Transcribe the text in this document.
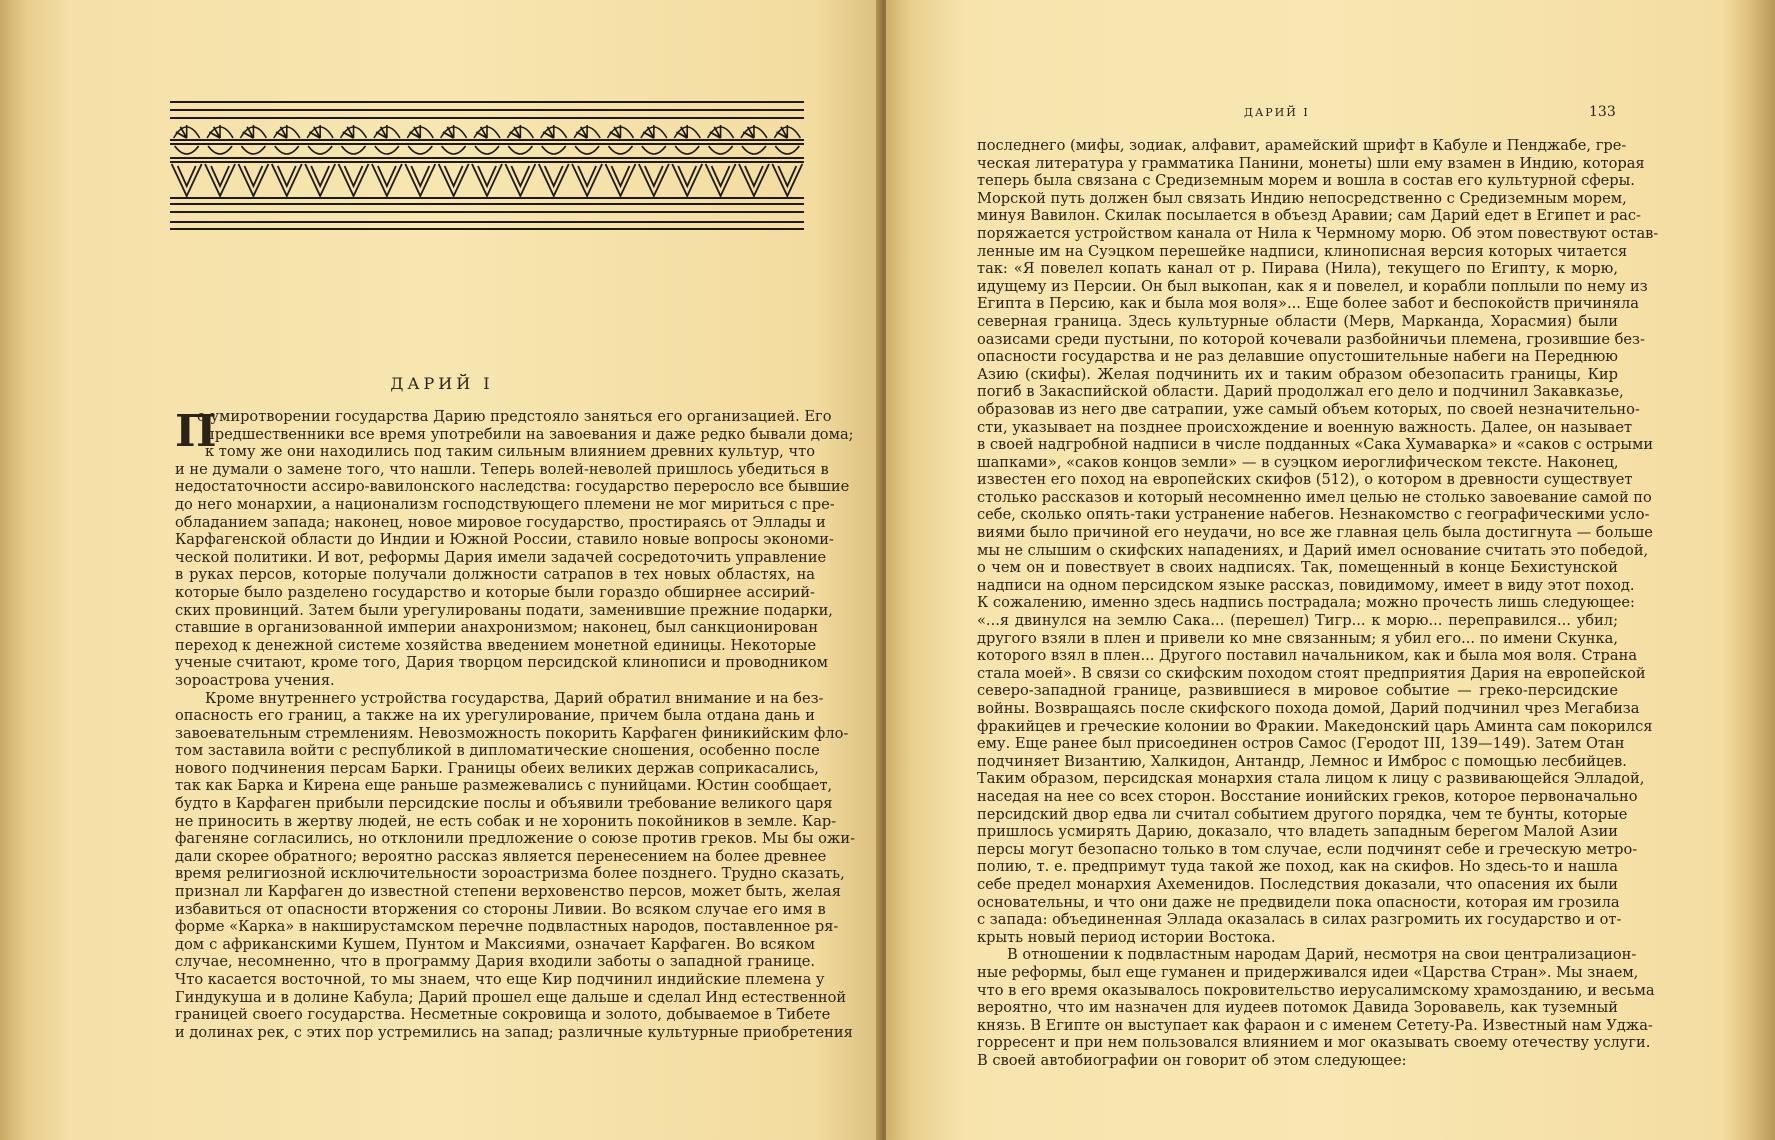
ДАРИЙ I
П
о умиротворении государства Дарию предстояло заняться его организацией. Его
предшественники все время употребили на завоевания и даже редко бывали дома;
к тому же они находились под таким сильным влиянием древних культур, что
и не думали о замене того, что нашли. Теперь волей-неволей пришлось убедиться в
недостаточности ассиро-вавилонского наследства: государство переросло все бывшие
до него монархии, а национализм господствующего племени не мог мириться с пре-
обладанием запада; наконец, новое мировое государство, простираясь от Эллады и
Карфагенской области до Индии и Южной России, ставило новые вопросы экономи-
ческой политики. И вот, реформы Дария имели задачей сосредоточить управление
в руках персов, которые получали должности сатрапов в тех новых областях, на
которые было разделено государство и которые были гораздо обширнее ассирий-
ских провинций. Затем были урегулированы подати, заменившие прежние подарки,
ставшие в организованной империи анахронизмом; наконец, был санкционирован
переход к денежной системе хозяйства введением монетной единицы. Некоторые
ученые считают, кроме того, Дария творцом персидской клинописи и проводником
зороастрова учения.
Кроме внутреннего устройства государства, Дарий обратил внимание и на без-
опасность его границ, а также на их урегулирование, причем была отдана дань и
завоевательным стремлениям. Невозможность покорить Карфаген финикийским фло-
том заставила войти с республикой в дипломатические сношения, особенно после
нового подчинения персам Барки. Границы обеих великих держав соприкасались,
так как Барка и Кирена еще раньше размежевались с пунийцами. Юстин сообщает,
будто в Карфаген прибыли персидские послы и объявили требование великого царя
не приносить в жертву людей, не есть собак и не хоронить покойников в земле. Кар-
фагеняне согласились, но отклонили предложение о союзе против греков. Мы бы ожи-
дали скорее обратного; вероятно рассказ является перенесением на более древнее
время религиозной исключительности зороастризма более позднего. Трудно сказать,
признал ли Карфаген до известной степени верховенство персов, может быть, желая
избавиться от опасности вторжения со стороны Ливии. Во всяком случае его имя в
форме «Карка» в накширустамском перечне подвластных народов, поставленное ря-
дом с африканскими Кушем, Пунтом и Максиями, означает Карфаген. Во всяком
случае, несомненно, что в программу Дария входили заботы о западной границе.
Что касается восточной, то мы знаем, что еще Кир подчинил индийские племена у
Гиндукуша и в долине Кабула; Дарий прошел еще дальше и сделал Инд естественной
границей своего государства. Несметные сокровища и золото, добываемое в Тибете
и долинах рек, с этих пор устремились на запад; различные культурные приобретения
ДАРИЙ I	133
последнего (мифы, зодиак, алфавит, арамейский шрифт в Кабуле и Пенджабе, гре-
ческая литература у грамматика Панини, монеты) шли ему взамен в Индию, которая
теперь была связана с Средиземным морем и вошла в состав его культурной сферы.
Морской путь должен был связать Индию непосредственно с Средиземным морем,
минуя Вавилон. Скилак посылается в объезд Аравии; сам Дарий едет в Египет и рас-
поряжается устройством канала от Нила к Чермному морю. Об этом повествуют остав-
ленные им на Суэцком перешейке надписи, клинописная версия которых читается
так: «Я повелел копать канал от р. Пирава (Нила), текущего по Египту, к морю,
идущему из Персии. Он был выкопан, как я и повелел, и корабли поплыли по нему из
Египта в Персию, как и была моя воля»... Еще более забот и беспокойств причиняла
северная граница. Здесь культурные области (Мерв, Марканда, Хорасмия) были
оазисами среди пустыни, по которой кочевали разбойничьи племена, грозившие без-
опасности государства и не раз делавшие опустошительные набеги на Переднюю
Азию (скифы). Желая подчинить их и таким образом обезопасить границы, Кир
погиб в Закаспийской области. Дарий продолжал его дело и подчинил Закавказье,
образовав из него две сатрапии, уже самый объем которых, по своей незначительно-
сти, указывает на позднее происхождение и военную важность. Далее, он называет
в своей надгробной надписи в числе подданных «Сака Хумаварка» и «саков с острыми
шапками», «саков концов земли» — в суэцком иероглифическом тексте. Наконец,
известен его поход на европейских скифов (512), о котором в древности существует
столько рассказов и который несомненно имел целью не столько завоевание самой по
себе, сколько опять-таки устранение набегов. Незнакомство с географическими усло-
виями было причиной его неудачи, но все же главная цель была достигнута — больше
мы не слышим о скифских нападениях, и Дарий имел основание считать это победой,
о чем он и повествует в своих надписях. Так, помещенный в конце Бехистунской
надписи на одном персидском языке рассказ, повидимому, имеет в виду этот поход.
К сожалению, именно здесь надпись пострадала; можно прочесть лишь следующее:
«...я двинулся на землю Сака... (перешел) Тигр... к морю... переправился... убил;
другого взяли в плен и привели ко мне связанным; я убил его... по имени Скунка,
которого взял в плен... Другого поставил начальником, как и была моя воля. Страна
стала моей». В связи со скифским походом стоят предприятия Дария на европейской
северо-западной границе, развившиеся в мировое событие — греко-персидские
войны. Возвращаясь после скифского похода домой, Дарий подчинил чрез Мегабиза
фракийцев и греческие колонии во Фракии. Македонский царь Аминта сам покорился
ему. Еще ранее был присоединен остров Самос (Геродот III, 139—149). Затем Отан
подчиняет Византию, Халкидон, Антандр, Лемнос и Имброс с помощью лесбийцев.
Таким образом, персидская монархия стала лицом к лицу с развивающейся Элладой,
наседая на нее со всех сторон. Восстание ионийских греков, которое первоначально
персидский двор едва ли считал событием другого порядка, чем те бунты, которые
пришлось усмирять Дарию, доказало, что владеть западным берегом Малой Азии
персы могут безопасно только в том случае, если подчинят себе и греческую метро-
полию, т. е. предпримут туда такой же поход, как на скифов. Но здесь-то и нашла
себе предел монархия Ахеменидов. Последствия доказали, что опасения их были
основательны, и что они даже не предвидели пока опасности, которая им грозила
с запада: объединенная Эллада оказалась в силах разгромить их государство и от-
крыть новый период истории Востока.
В отношении к подвластным народам Дарий, несмотря на свои централизацион-
ные реформы, был еще гуманен и придерживался идеи «Царства Стран». Мы знаем,
что в его время оказывалось покровительство иерусалимскому храмозданию, и весьма
вероятно, что им назначен для иудеев потомок Давида Зоровавель, как туземный
князь. В Египте он выступает как фараон и с именем Сетету-Ра. Известный нам Уджа-
горресент и при нем пользовался влиянием и мог оказывать своему отечеству услуги.
В своей автобиографии он говорит об этом следующее:
